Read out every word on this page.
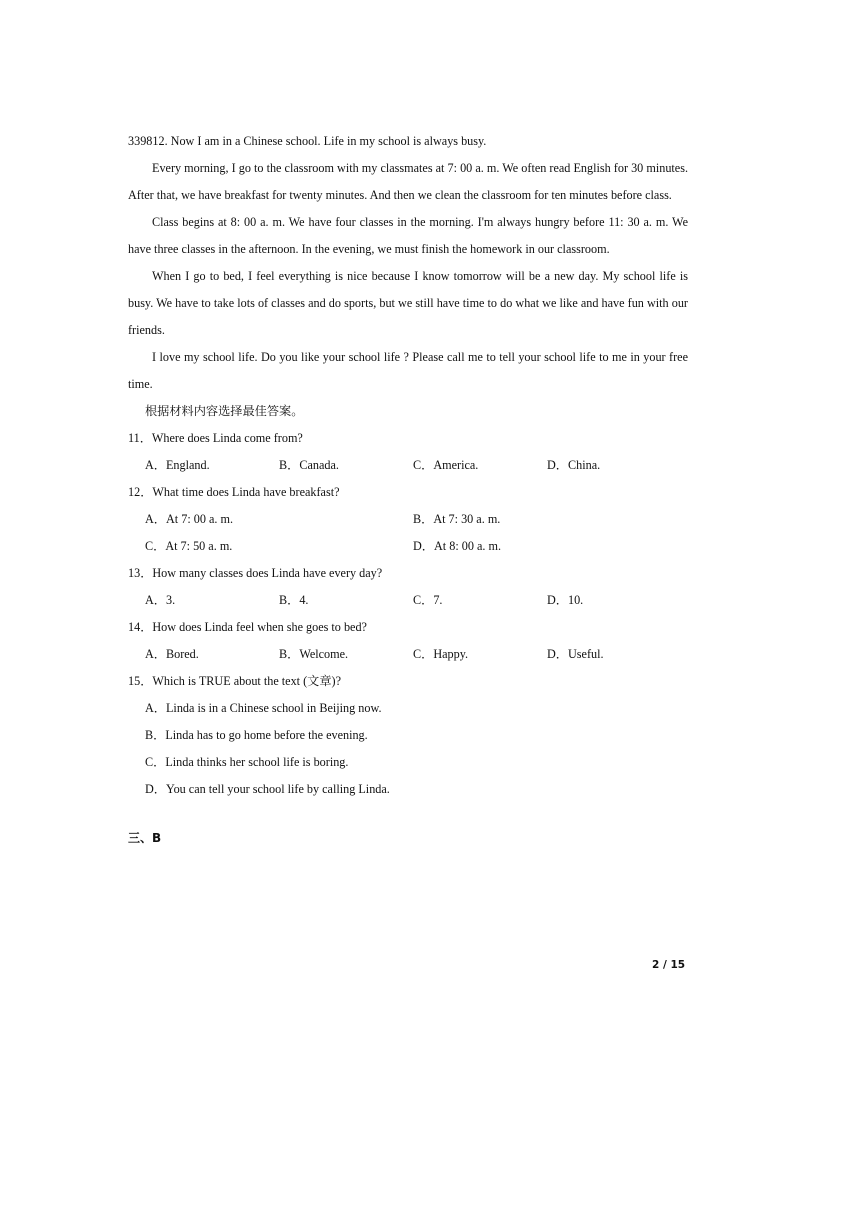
339812. Now I am in a Chinese school. Life in my school is always busy.

Every morning, I go to the classroom with my classmates at 7: 00 a. m. We often read English for 30 minutes. After that, we have breakfast for twenty minutes. And then we clean the classroom for ten minutes before class.

Class begins at 8: 00 a. m. We have four classes in the morning. I'm always hungry before 11: 30 a. m. We have three classes in the afternoon. In the evening, we must finish the homework in our classroom.

When I go to bed, I feel everything is nice because I know tomorrow will be a new day. My school life is busy. We have to take lots of classes and do sports, but we still have time to do what we like and have fun with our friends.

I love my school life. Do you like your school life ? Please call me to tell your school life to me in your free time.

根据材料内容选择最佳答案。

11．Where does Linda come from?

A．England.	B．Canada.	C．America.	D．China.

12．What time does Linda have breakfast?

A．At 7: 00 a. m.	B．At 7: 30 a. m.
C．At 7: 50 a. m.	D．At 8: 00 a. m.

13．How many classes does Linda have every day?

A．3.	B．4.	C．7.	D．10.

14．How does Linda feel when she goes to bed?

A．Bored.	B．Welcome.	C．Happy.	D．Useful.

15．Which is TRUE about the text (文章)?

A．Linda is in a Chinese school in Beijing now.

B．Linda has to go home before the evening.

C．Linda thinks her school life is boring.

D．You can tell your school life by calling Linda.

三、B
2 / 15
